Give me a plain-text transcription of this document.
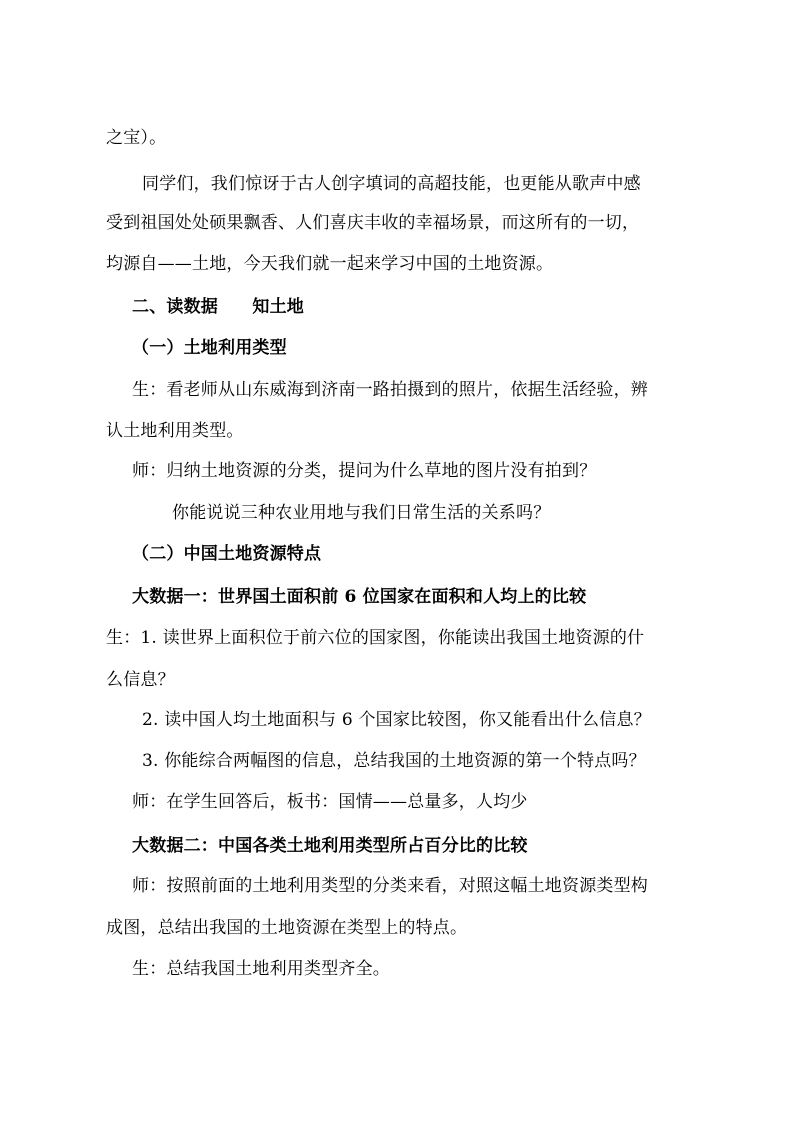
之宝）。
同学们，我们惊讶于古人创字填词的高超技能，也更能从歌声中感
受到祖国处处硕果飘香、人们喜庆丰收的幸福场景，而这所有的一切，
均源自——土地，今天我们就一起来学习中国的土地资源。
二、读数据　　知土地
（一）土地利用类型
生：看老师从山东威海到济南一路拍摄到的照片，依据生活经验，辨
认土地利用类型。
师：归纳土地资源的分类，提问为什么草地的图片没有拍到？
你能说说三种农业用地与我们日常生活的关系吗？
（二）中国土地资源特点
大数据一：世界国土面积前 6 位国家在面积和人均上的比较
生：1. 读世界上面积位于前六位的国家图，你能读出我国土地资源的什
么信息？
2. 读中国人均土地面积与 6 个国家比较图，你又能看出什么信息？
3. 你能综合两幅图的信息，总结我国的土地资源的第一个特点吗？
师：在学生回答后，板书：国情——总量多，人均少
大数据二：中国各类土地利用类型所占百分比的比较
师：按照前面的土地利用类型的分类来看，对照这幅土地资源类型构
成图，总结出我国的土地资源在类型上的特点。
生：总结我国土地利用类型齐全。
